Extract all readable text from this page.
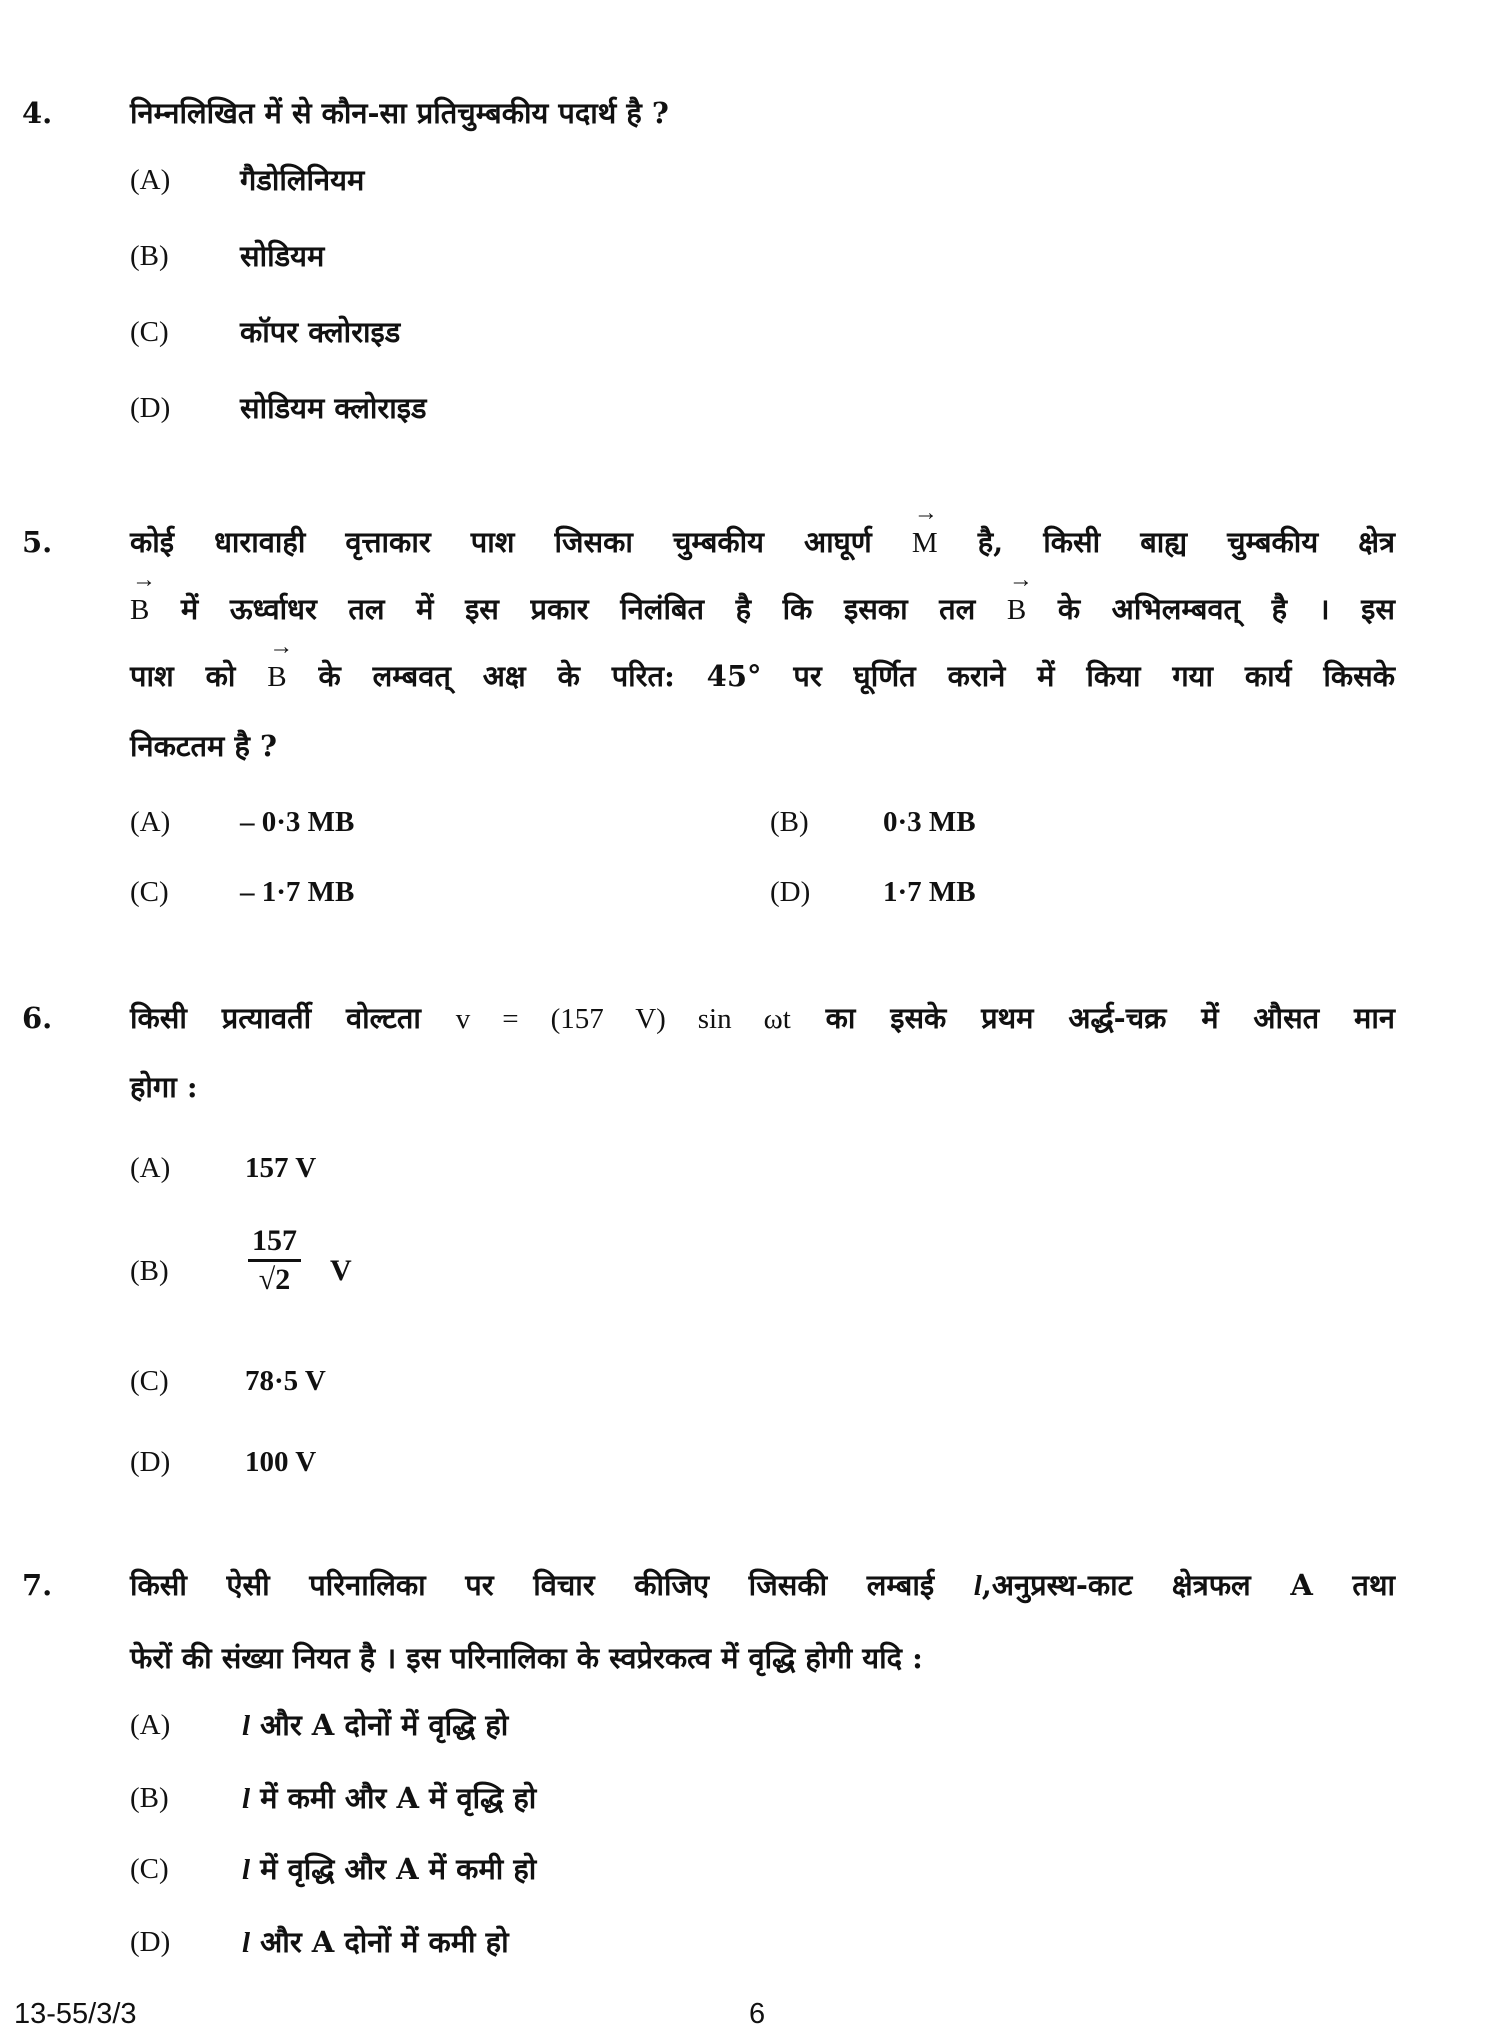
4.	निम्नलिखित में से कौन-सा प्रतिचुम्बकीय पदार्थ है ?
(A) गैडोलिनियम
(B) सोडियम
(C) कॉपर क्लोराइड
(D) सोडियम क्लोराइड
5.	कोई धारावाही वृत्ताकार पाश जिसका चुम्बकीय आघूर्ण → M है, किसी बाह्य चुम्बकीय क्षेत्र
→ B में ऊर्ध्वाधर तल में इस प्रकार निलंबित है कि इसका तल → B के अभिलम्बवत् है । इस
पाश को → B के लम्बवत् अक्ष के परित: 45° पर घूर्णित कराने में किया गया कार्य किसके
निकटतम है ?
(A) – 0·3 MB	(B)	0·3 MB
(C) – 1·7 MB	(D)	1·7 MB
6.	किसी प्रत्यावर्ती वोल्टता v = (157 V) sin ωt का इसके प्रथम अर्द्ध-चक्र में औसत मान
होगा :
(A)	157 V
(B)	$\frac{157}{√2}$ V
(C)	78·5 V
(D)	100 V
7.	किसी ऐसी परिनालिका पर विचार कीजिए जिसकी लम्बाई l,अनुप्रस्थ-काट क्षेत्रफल A तथा
फेरों की संख्या नियत है । इस परिनालिका के स्वप्रेरकत्व में वृद्धि होगी यदि :
(A) l और A दोनों में वृद्धि हो
(B)	l में कमी और A में वृद्धि हो
(C)	l में वृद्धि और A में कमी हो
(D) l और A दोनों में कमी हो
13-55/3/3	6
